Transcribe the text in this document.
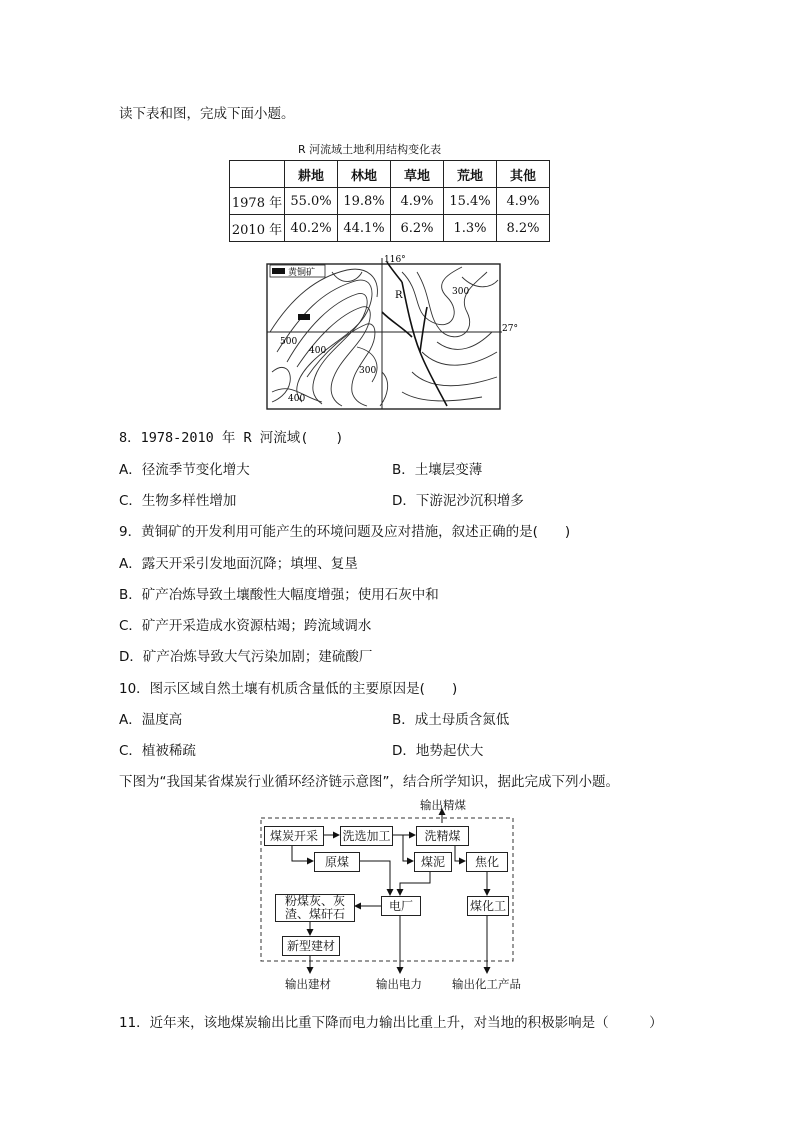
读下表和图，完成下面小题。
R 河流域土地利用结构变化表
	耕地	林地	草地	荒地	其他
1978 年	55.0%	19.8%	4.9%	15.4%	4.9%
2010 年	40.2%	44.1%	6.2%	1.3%	8.2%
黄铜矿
116°
27°
R	300
500
400
300
400
8．1978-2010 年 R 河流域(　　)
A．径流季节变化增大	B．土壤层变薄
C．生物多样性增加	D．下游泥沙沉积增多
9．黄铜矿的开发利用可能产生的环境问题及应对措施，叙述正确的是(　　)
A．露天开采引发地面沉降；填埋、复垦
B．矿产冶炼导致土壤酸性大幅度增强；使用石灰中和
C．矿产开采造成水资源枯竭；跨流域调水
D．矿产冶炼导致大气污染加剧；建硫酸厂
10．图示区域自然土壤有机质含量低的主要原因是(　　)
A．温度高	B．成土母质含氮低
C．植被稀疏	D．地势起伏大
下图为“我国某省煤炭行业循环经济链示意图”，结合所学知识，据此完成下列小题。
输出精煤
煤炭开采	洗选加工	洗精煤
原煤	煤泥	焦化
粉煤灰、灰渣、煤矸石
电厂	煤化工
新型建材
输出建材	输出电力	输出化工产品
11．近年来，该地煤炭输出比重下降而电力输出比重上升，对当地的积极影响是（　　　）
